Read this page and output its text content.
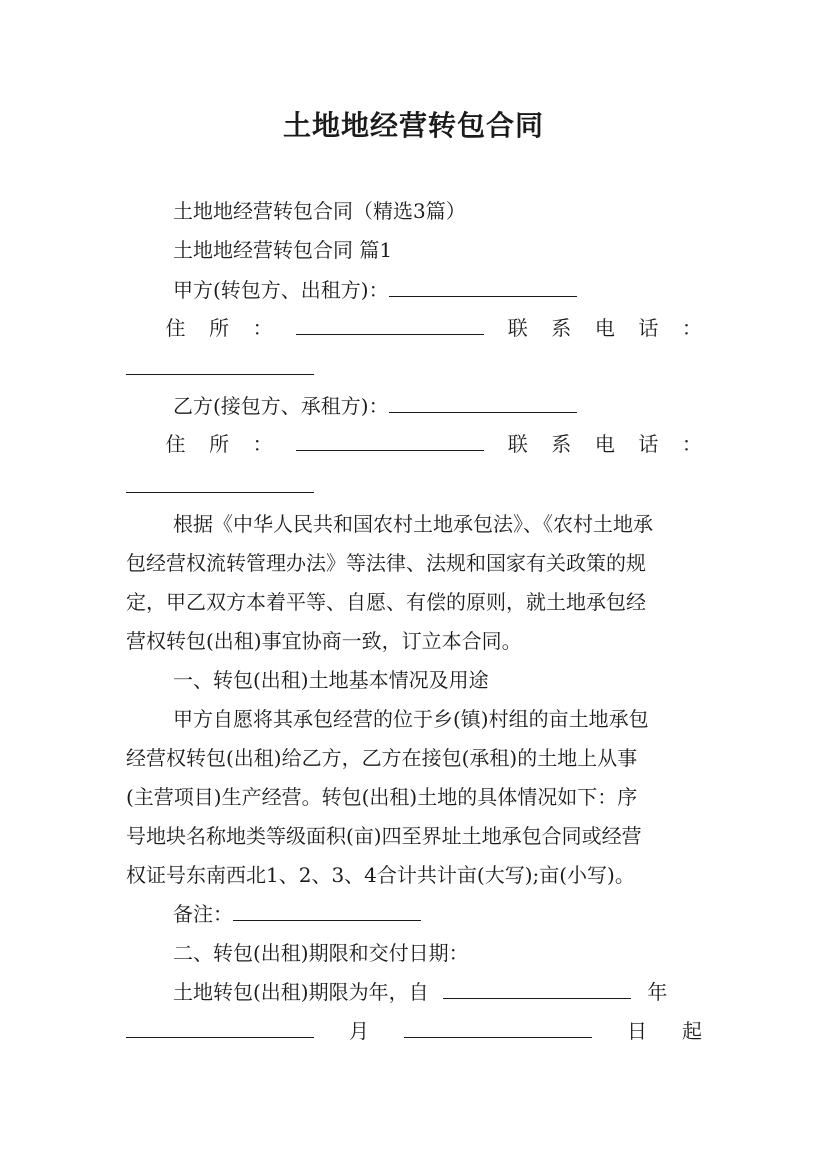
土地地经营转包合同

土地地经营转包合同（精选3篇）

土地地经营转包合同 篇1

甲方(转包方、出租方)：

住 所 ：	联 系 电 话 ：

乙方(接包方、承租方)：

住 所 ：	联 系 电 话 ：

根据《中华人民共和国农村土地承包法》、《农村土地承

包经营权流转管理办法》等法律、法规和国家有关政策的规

定，甲乙双方本着平等、自愿、有偿的原则，就土地承包经

营权转包(出租)事宜协商一致，订立本合同。

一、转包(出租)土地基本情况及用途

甲方自愿将其承包经营的位于乡(镇)村组的亩土地承包

经营权转包(出租)给乙方，乙方在接包(承租)的土地上从事

(主营项目)生产经营。转包(出租)土地的具体情况如下：序

号地块名称地类等级面积(亩)四至界址土地承包合同或经营

权证号东南西北1、2、3、4合计共计亩(大写);亩(小写)。

备注：

二、转包(出租)期限和交付日期：

土地转包(出租)期限为年，自	年

月	日 起
